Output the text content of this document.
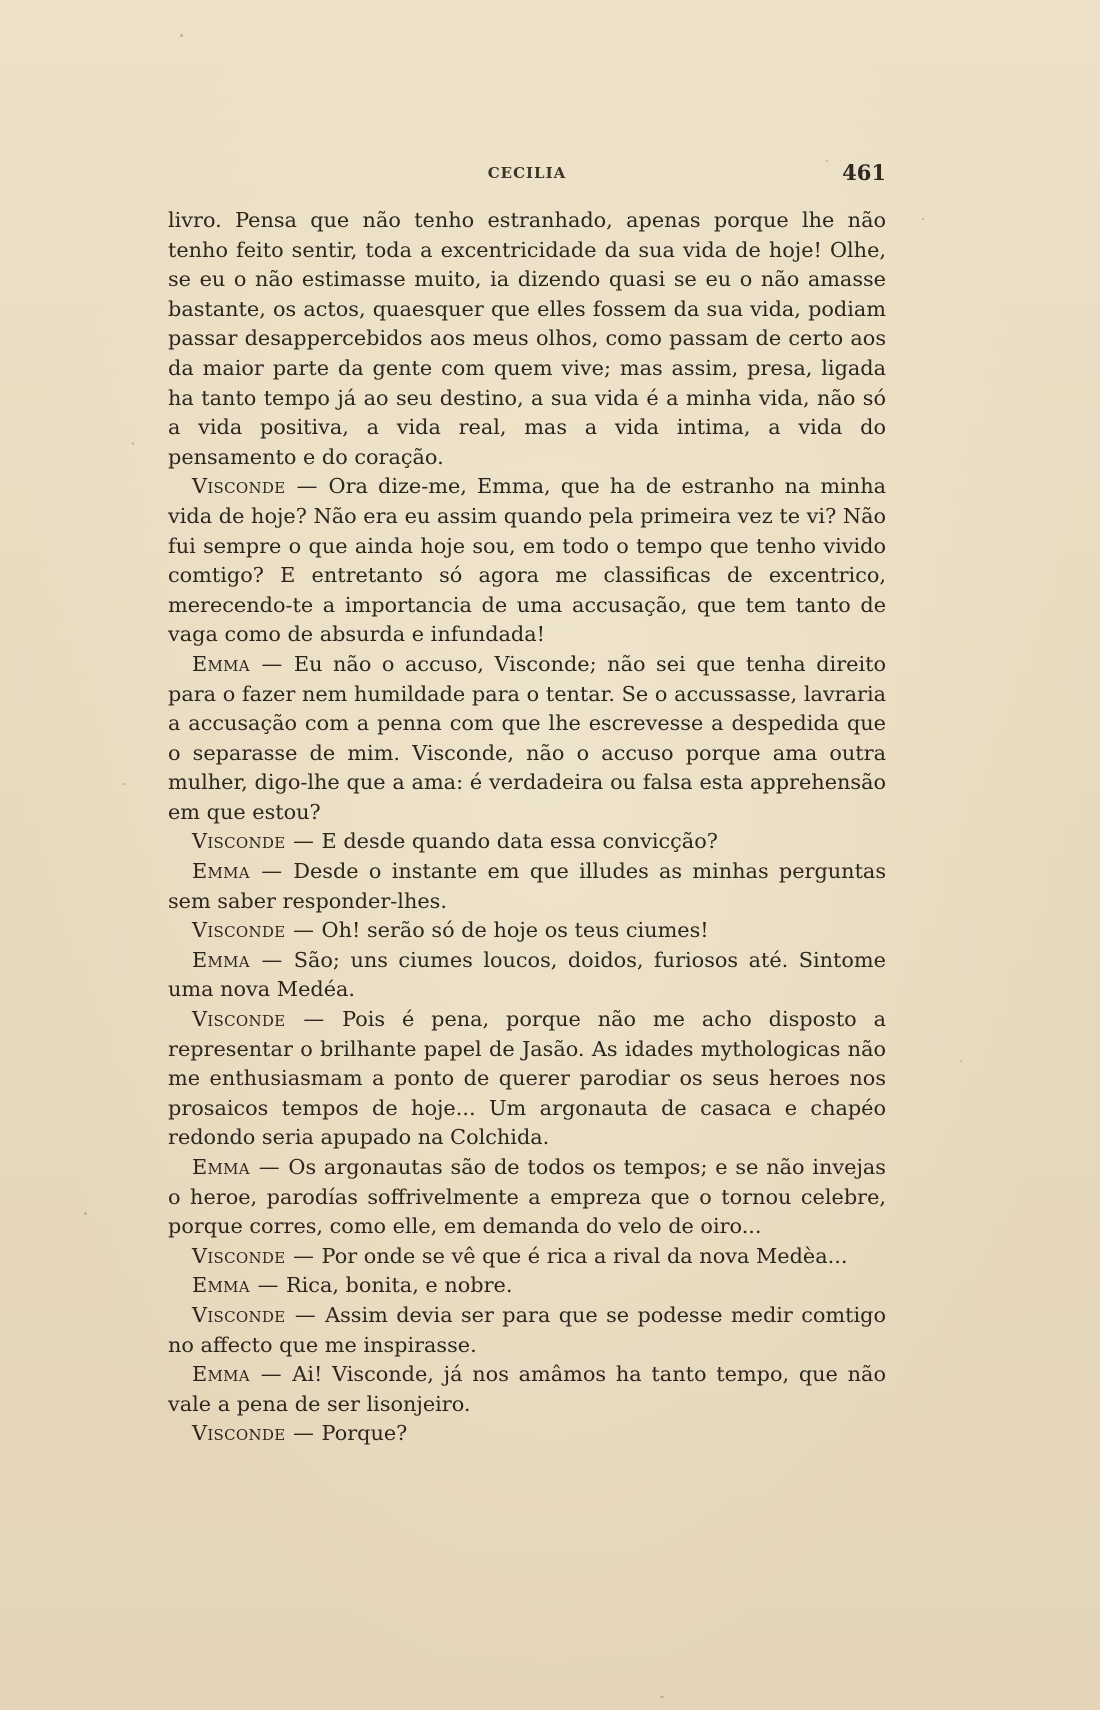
CECILIA	461

livro. Pensa que não tenho estranhado, apenas porque lhe não tenho feito sentir, toda a excentricidade da sua vida de hoje! Olhe, se eu o não estimasse muito, ia dizendo quasi se eu o não amasse bastante, os actos, quaesquer que elles fossem da sua vida, podiam passar desappercebidos aos meus olhos, como passam de certo aos da maior parte da gente com quem vive; mas assim, presa, ligada ha tanto tempo já ao seu destino, a sua vida é a minha vida, não só a vida positiva, a vida real, mas a vida intima, a vida do pensamento e do coração.

Visconde — Ora dize-me, Emma, que ha de estranho na minha vida de hoje? Não era eu assim quando pela primeira vez te vi? Não fui sempre o que ainda hoje sou, em todo o tempo que tenho vivido comtigo? E entretanto só agora me classificas de excentrico, merecendo-te a importancia de uma accusação, que tem tanto de vaga como de absurda e infundada!

Emma — Eu não o accuso, Visconde; não sei que tenha direito para o fazer nem humildade para o tentar. Se o accussasse, lavraria a accusação com a penna com que lhe escrevesse a despedida que o separasse de mim. Visconde, não o accuso porque ama outra mulher, digo-lhe que a ama: é verdadeira ou falsa esta apprehensão em que estou?

Visconde — E desde quando data essa convicção?

Emma — Desde o instante em que illudes as minhas perguntas sem saber responder-lhes.

Visconde — Oh! serão só de hoje os teus ciumes!

Emma — São; uns ciumes loucos, doidos, furiosos até. Sintome uma nova Medéa.

Visconde — Pois é pena, porque não me acho disposto a representar o brilhante papel de Jasão. As idades mythologicas não me enthusiasmam a ponto de querer parodiar os seus heroes nos prosaicos tempos de hoje... Um argonauta de casaca e chapéo redondo seria apupado na Colchida.

Emma — Os argonautas são de todos os tempos; e se não invejas o heroe, parodías soffrivelmente a empreza que o tornou celebre, porque corres, como elle, em demanda do velo de oiro...

Visconde — Por onde se vê que é rica a rival da nova Medèa...

Emma — Rica, bonita, e nobre.

Visconde — Assim devia ser para que se podesse medir comtigo no affecto que me inspirasse.

Emma — Ai! Visconde, já nos amâmos ha tanto tempo, que não vale a pena de ser lisonjeiro.

Visconde — Porque?
